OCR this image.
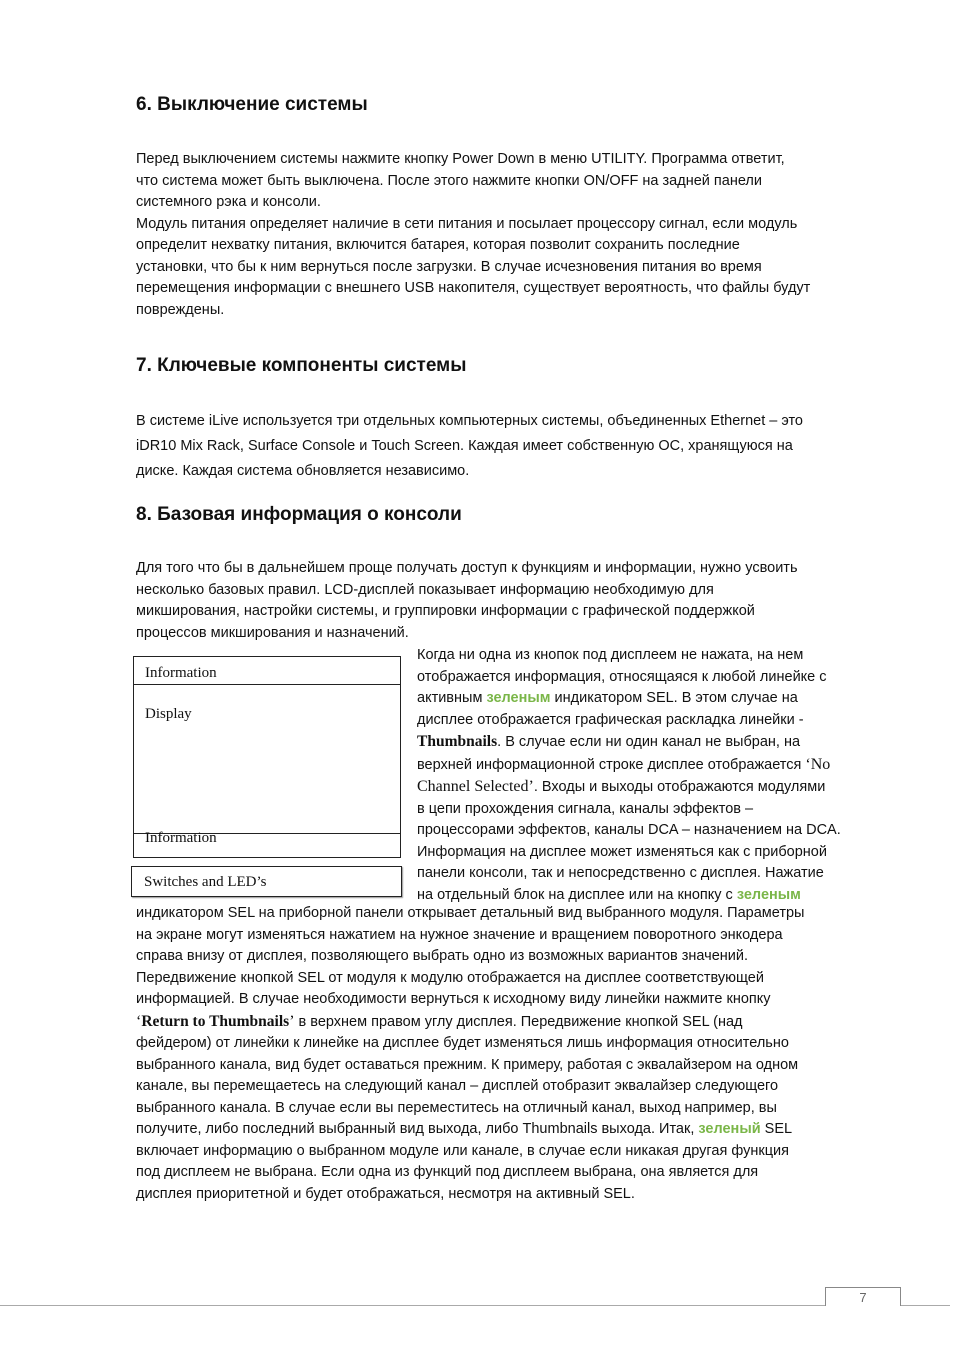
6. Выключение системы
Перед выключением системы нажмите кнопку Power Down в меню UTILITY. Программа ответит,
что система может быть выключена. После этого нажмите кнопки ON/OFF на задней панели
системного рэка и консоли.
Модуль питания определяет наличие в сети питания и посылает процессору сигнал, если модуль
определит нехватку питания, включится батарея, которая позволит сохранить последние
установки, что бы к ним вернуться после загрузки. В случае исчезновения питания во время
перемещения информации с внешнего USB накопителя, существует вероятность, что файлы будут
повреждены.
7. Ключевые компоненты системы
В системе iLive используется три отдельных компьютерных системы, объединенных Ethernet – это
iDR10 Mix Rack, Surface Console и Touch Screen. Каждая имеет собственную ОС, хранящуюся на
диске. Каждая система обновляется независимо.
8. Базовая информация о консоли
Для того что бы в дальнейшем проще получать доступ к функциям и информации, нужно усвоить
несколько базовых правил. LCD-дисплей показывает информацию необходимую для
микширования, настройки системы, и группировки информации с графической поддержкой
процессов микширования и назначений.
Information
Display
Information
Switches and LED’s
Когда ни одна из кнопок под дисплеем не нажата, на нем
отображается информация, относящаяся к любой линейке с
активным зеленым индикатором SEL. В этом случае на
дисплее отображается графическая раскладка линейки -
Thumbnails. В случае если ни один канал не выбран, на
верхней информационной строке дисплее отображается ‘No
Channel Selected’. Входы и выходы отображаются модулями
в цепи прохождения сигнала, каналы эффектов –
процессорами эффектов, каналы DCA – назначением на DCA.
Информация на дисплее может изменяться как с приборной
панели консоли, так и непосредственно с дисплея. Нажатие
на отдельный блок на дисплее или на кнопку с зеленым
индикатором SEL на приборной панели открывает детальный вид выбранного модуля. Параметры
на экране могут изменяться нажатием на нужное значение и вращением поворотного энкодера
справа внизу от дисплея, позволяющего выбрать одно из возможных вариантов значений.
Передвижение кнопкой SEL от модуля к модулю отображается на дисплее соответствующей
информацией. В случае необходимости вернуться к исходному виду линейки нажмите кнопку
‘Return to Thumbnails’ в верхнем правом углу дисплея. Передвижение кнопкой SEL (над
фейдером) от линейки к линейке на дисплее будет изменяться лишь информация относительно
выбранного канала, вид будет оставаться прежним. К примеру, работая с эквалайзером на одном
канале, вы перемещаетесь на следующий канал – дисплей отобразит эквалайзер следующего
выбранного канала. В случае если вы переместитесь на отличный канал, выход например, вы
получите, либо последний выбранный вид выхода, либо Thumbnails выхода. Итак, зеленый SEL
включает информацию о выбранном модуле или канале, в случае если никакая другая функция
под дисплеем не выбрана. Если одна из функций под дисплеем выбрана, она является для
дисплея приоритетной и будет отображаться, несмотря на активный SEL.
7
